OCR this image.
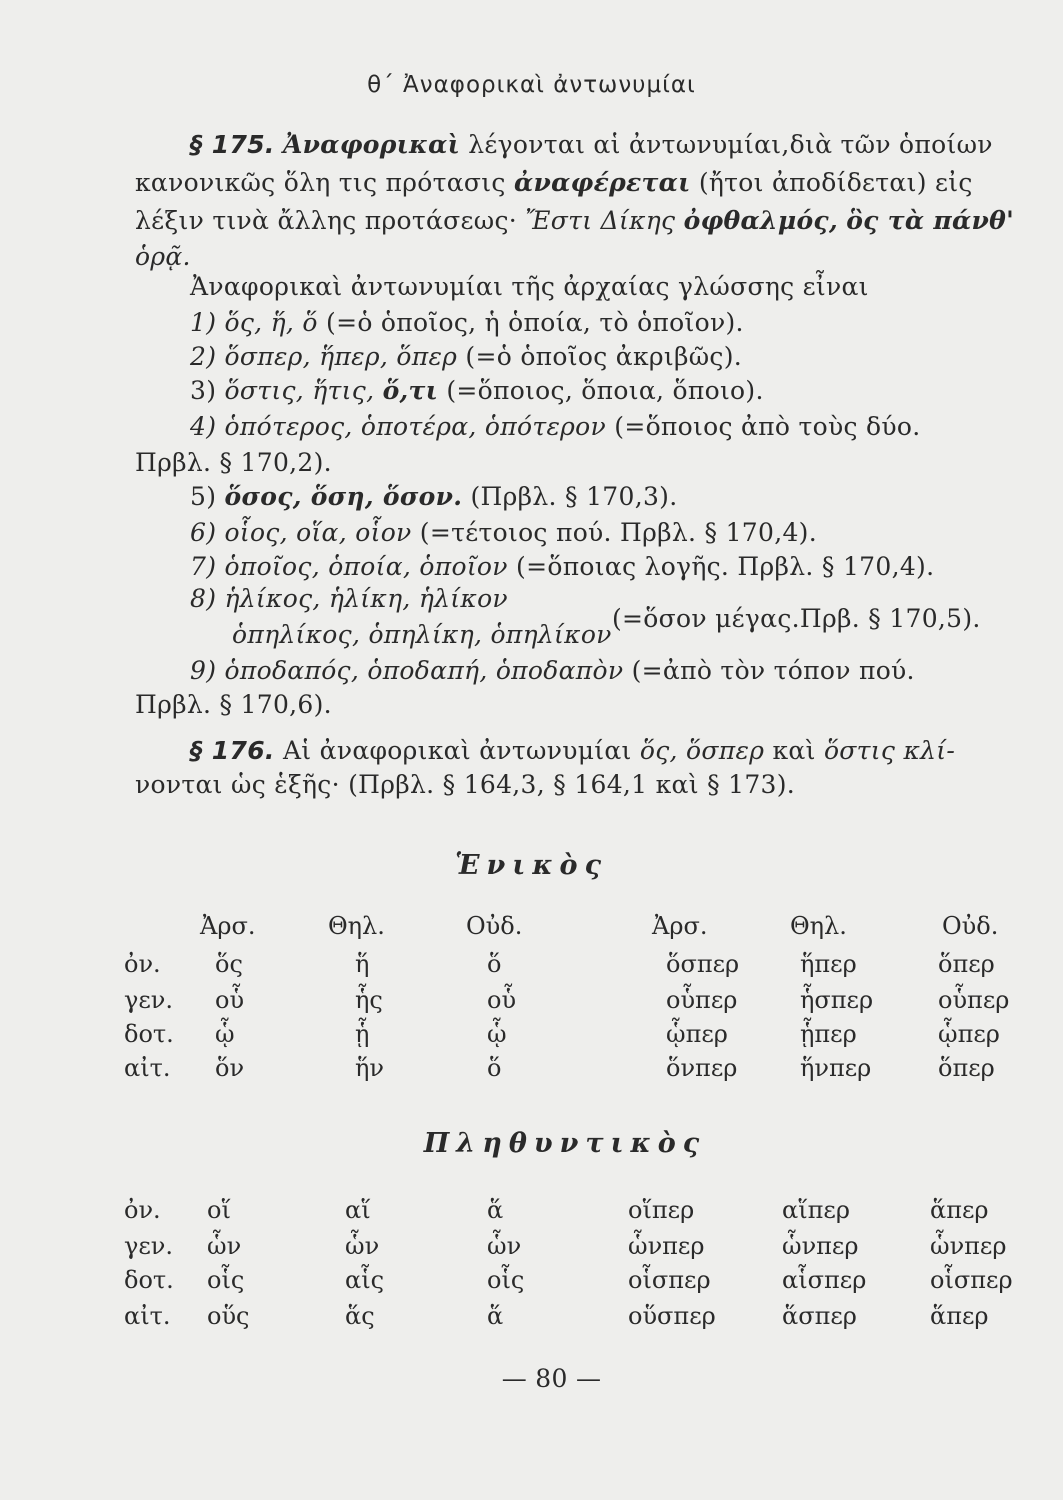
θ΄ Ἀναφορικαὶ ἀντωνυμίαι
§ 175. Ἀναφορικαὶ λέγονται αἱ ἀντωνυμίαι,διὰ τῶν ὁποίων
κανονικῶς ὅλη τις πρότασις ἀναφέρεται (ἤτοι ἀποδίδεται) εἰς
λέξιν τινὰ ἄλλης προτάσεως· Ἔστι Δίκης ὀφθαλμός, ὃς τὰ πάνθ'
ὁρᾷ.
Ἀναφορικαὶ ἀντωνυμίαι τῆς ἀρχαίας γλώσσης εἶναι
1) ὅς, ἥ, ὅ (=ὁ ὁποῖος, ἡ ὁποία, τὸ ὁποῖον).
2) ὅσπερ, ἥπερ, ὅπερ (=ὁ ὁποῖος ἀκριβῶς).
3) ὅστις, ἥτις, ὅ,τι (=ὅποιος, ὅποια, ὅποιο).
4) ὁπότερος, ὁποτέρα, ὁπότερον (=ὅποιος ἀπὸ τοὺς δύο.
Πρβλ. § 170,2).
5) ὅσος, ὅση, ὅσον. (Πρβλ. § 170,3).
6) οἷος, οἵα, οἷον (=τέτοιος πού. Πρβλ. § 170,4).
7) ὁποῖος, ὁποία, ὁποῖον (=ὅποιας λογῆς. Πρβλ. § 170,4).
8) ἡλίκος, ἡλίκη, ἡλίκον
ὁπηλίκος, ὁπηλίκη, ὁπηλίκον
(=ὅσον μέγας.Πρβ. § 170,5).
9) ὁποδαπός, ὁποδαπή, ὁποδαπὸν (=ἀπὸ τὸν τόπον πού.
Πρβλ. § 170,6).
§ 176. Αἱ ἀναφορικαὶ ἀντωνυμίαι ὅς, ὅσπερ καὶ ὅστις κλί-
νονται ὡς ἑξῆς· (Πρβλ. § 164,3, § 164,1 καὶ § 173).
Ἑνικὸς
Ἀρσ.	Θηλ.	Οὐδ.	Ἀρσ.	Θηλ.	Οὐδ.
ὀν. ὅς	ἥ	ὅ	ὅσπερ	ἥπερ	ὅπερ
γεν. οὗ	ἧς	οὗ	οὗπερ	ἧσπερ	οὗπερ
δοτ. ᾧ	ᾗ	ᾧ	ᾧπερ	ᾗπερ	ᾧπερ
αἰτ. ὅν	ἥν	ὅ	ὅνπερ	ἥνπερ	ὅπερ
Πληθυντικὸς
ὀν. οἵ	αἵ	ἅ	οἵπερ	αἵπερ	ἅπερ
γεν. ὧν	ὧν	ὧν	ὧνπερ	ὧνπερ	ὧνπερ
δοτ. οἷς	αἷς	οἷς	οἷσπερ	αἷσπερ	οἷσπερ
αἰτ. οὕς	ἅς	ἅ	οὕσπερ	ἅσπερ	ἅπερ
— 80 —
